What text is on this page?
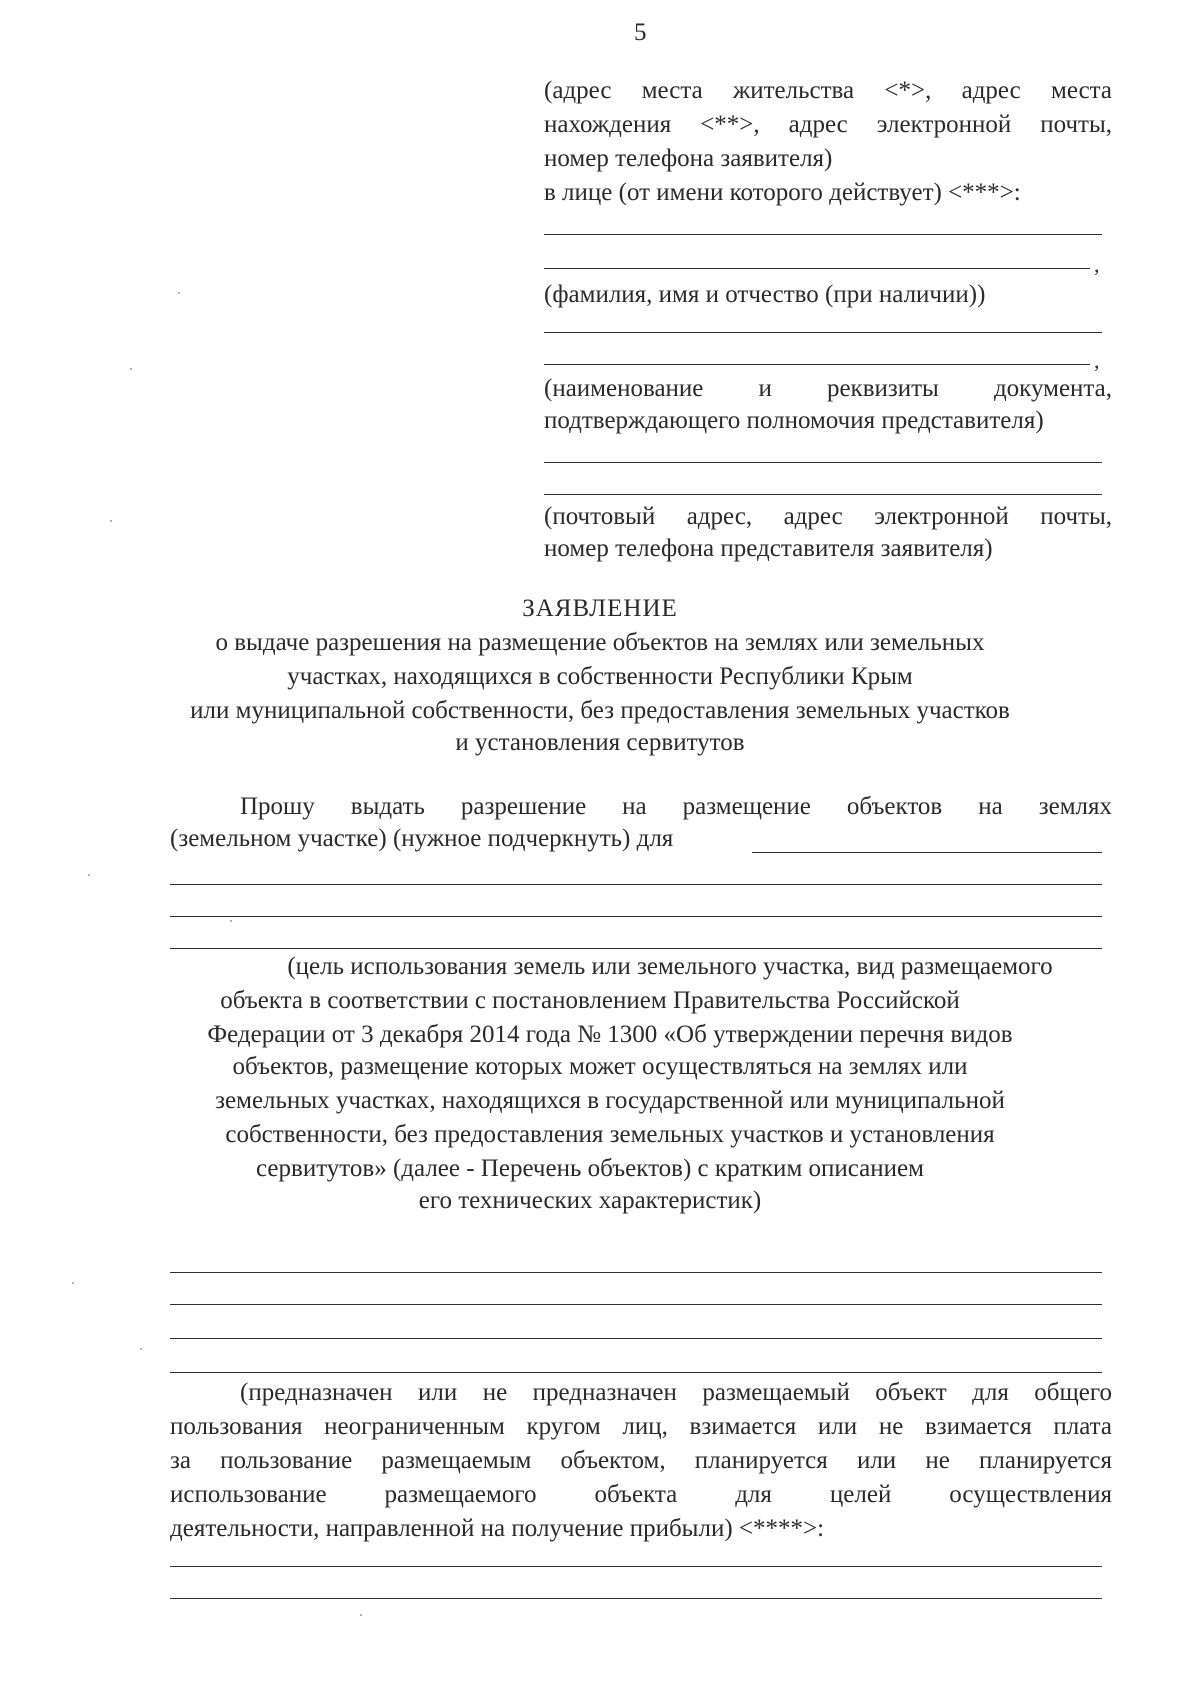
5

(адрес места жительства <*>, адрес места

нахождения <**>, адрес электронной почты,

номер телефона заявителя)

в лице (от имени которого действует) <***>:

,

(фамилия, имя и отчество (при наличии))

,

(наименование и реквизиты документа,

подтверждающего полномочия представителя)

(почтовый адрес, адрес электронной почты,

номер телефона представителя заявителя)

ЗАЯВЛЕНИЕ
о выдаче разрешения на размещение объектов на землях или земельных
участках, находящихся в собственности Республики Крым
или муниципальной собственности, без предоставления земельных участков
и установления сервитутов

Прошу выдать разрешение на размещение объектов на землях

(земельном участке) (нужное подчеркнуть) для

(цель использования земель или земельного участка, вид размещаемого
объекта в соответствии с постановлением Правительства Российской
Федерации от 3 декабря 2014 года № 1300 «Об утверждении перечня видов
объектов, размещение которых может осуществляться на землях или
земельных участках, находящихся в государственной или муниципальной
собственности, без предоставления земельных участков и установления
сервитутов» (далее - Перечень объектов) с кратким описанием
его технических характеристик)

(предназначен или не предназначен размещаемый объект для общего

пользования неограниченным кругом лиц, взимается или не взимается плата

за пользование размещаемым объектом, планируется или не планируется

использование размещаемого объекта для целей осуществления

деятельности, направленной на получение прибыли) <****>:
